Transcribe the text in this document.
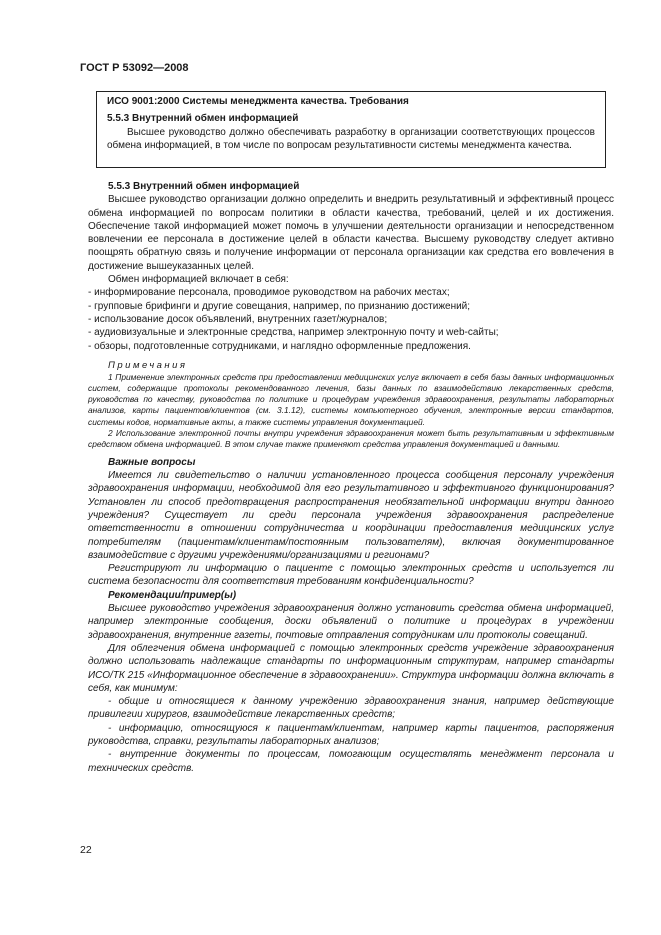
ГОСТ Р 53092—2008

ИСО 9001:2000 Системы менеджмента качества. Требования

5.5.3 Внутренний обмен информацией

Высшее руководство должно обеспечивать разработку в организации соответствующих процессов обмена информацией, в том числе по вопросам результативности системы менеджмента качества.

5.5.3 Внутренний обмен информацией

Высшее руководство организации должно определить и внедрить результативный и эффективный процесс обмена информацией по вопросам политики в области качества, требований, целей и их достижения. Обеспечение такой информацией может помочь в улучшении деятельности организации и непосредственном вовлечении ее персонала в достижение целей в области качества. Высшему руководству следует активно поощрять обратную связь и получение информации от персонала организации как средства его вовлечения в достижение вышеуказанных целей.

Обмен информацией включает в себя:

- информирование персонала, проводимое руководством на рабочих местах;

- групповые брифинги и другие совещания, например, по признанию достижений;

- использование досок объявлений, внутренних газет/журналов;

- аудиовизуальные и электронные средства, например электронную почту и web-сайты;

- обзоры, подготовленные сотрудниками, и наглядно оформленные предложения.

Примечания

1 Применение электронных средств при предоставлении медицинских услуг включает в себя базы данных информационных систем, содержащие протоколы рекомендованного лечения, базы данных по взаимодействию лекарственных средств, руководства по качеству, руководства по политике и процедурам учреждения здравоохранения, результаты лабораторных анализов, карты пациентов/клиентов (см. 3.1.12), системы компьютерного обучения, электронные версии стандартов, системы кодов, нормативные акты, а также системы управления документацией.

2 Использование электронной почты внутри учреждения здравоохранения может быть результативным и эффективным средством обмена информацией. В этом случае также применяют средства управления документацией и данными.

Важные вопросы

Имеется ли свидетельство о наличии установленного процесса сообщения персоналу учреждения здравоохранения информации, необходимой для его результативного и эффективного функционирования? Установлен ли способ предотвращения распространения необязательной информации внутри данного учреждения? Существует ли среди персонала учреждения здравоохранения распределение ответственности в отношении сотрудничества и координации предоставления медицинских услуг потребителям (пациентам/клиентам/постоянным пользователям), включая документированное взаимодействие с другими учреждениями/организациями и регионами?

Регистрируют ли информацию о пациенте с помощью электронных средств и используется ли система безопасности для соответствия требованиям конфиденциальности?

Рекомендации/пример(ы)

Высшее руководство учреждения здравоохранения должно установить средства обмена информацией, например электронные сообщения, доски объявлений о политике и процедурах в учреждении здравоохранения, внутренние газеты, почтовые отправления сотрудникам или протоколы совещаний.

Для облегчения обмена информацией с помощью электронных средств учреждение здравоохранения должно использовать надлежащие стандарты по информационным структурам, например стандарты ИСО/ТК 215 «Информационное обеспечение в здравоохранении». Структура информации должна включать в себя, как минимум:

- общие и относящиеся к данному учреждению здравоохранения знания, например действующие привилегии хирургов, взаимодействие лекарственных средств;

- информацию, относящуюся к пациентам/клиентам, например карты пациентов, распоряжения руководства, справки, результаты лабораторных анализов;

- внутренние документы по процессам, помогающим осуществлять менеджмент персонала и технических средств.

22
